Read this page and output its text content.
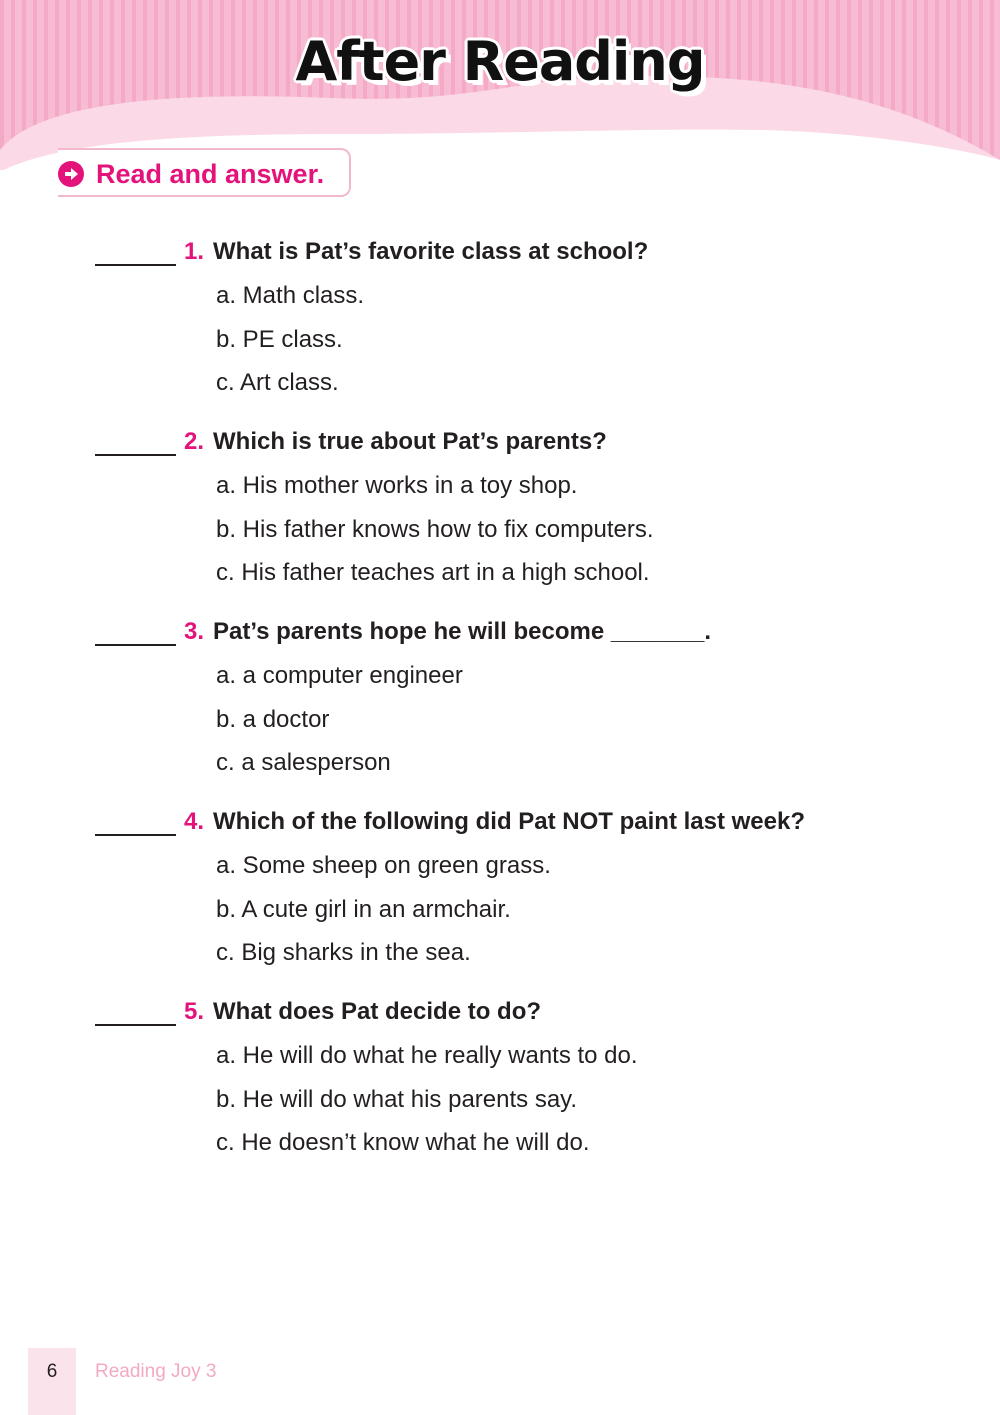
After Reading
Read and answer.
1. What is Pat’s favorite class at school?
a. Math class.
b. PE class.
c. Art class.
2. Which is true about Pat’s parents?
a. His mother works in a toy shop.
b. His father knows how to fix computers.
c. His father teaches art in a high school.
3. Pat’s parents hope he will become _______.
a. a computer engineer
b. a doctor
c. a salesperson
4. Which of the following did Pat NOT paint last week?
a. Some sheep on green grass.
b. A cute girl in an armchair.
c. Big sharks in the sea.
5. What does Pat decide to do?
a. He will do what he really wants to do.
b. He will do what his parents say.
c. He doesn’t know what he will do.
6	Reading Joy 3
